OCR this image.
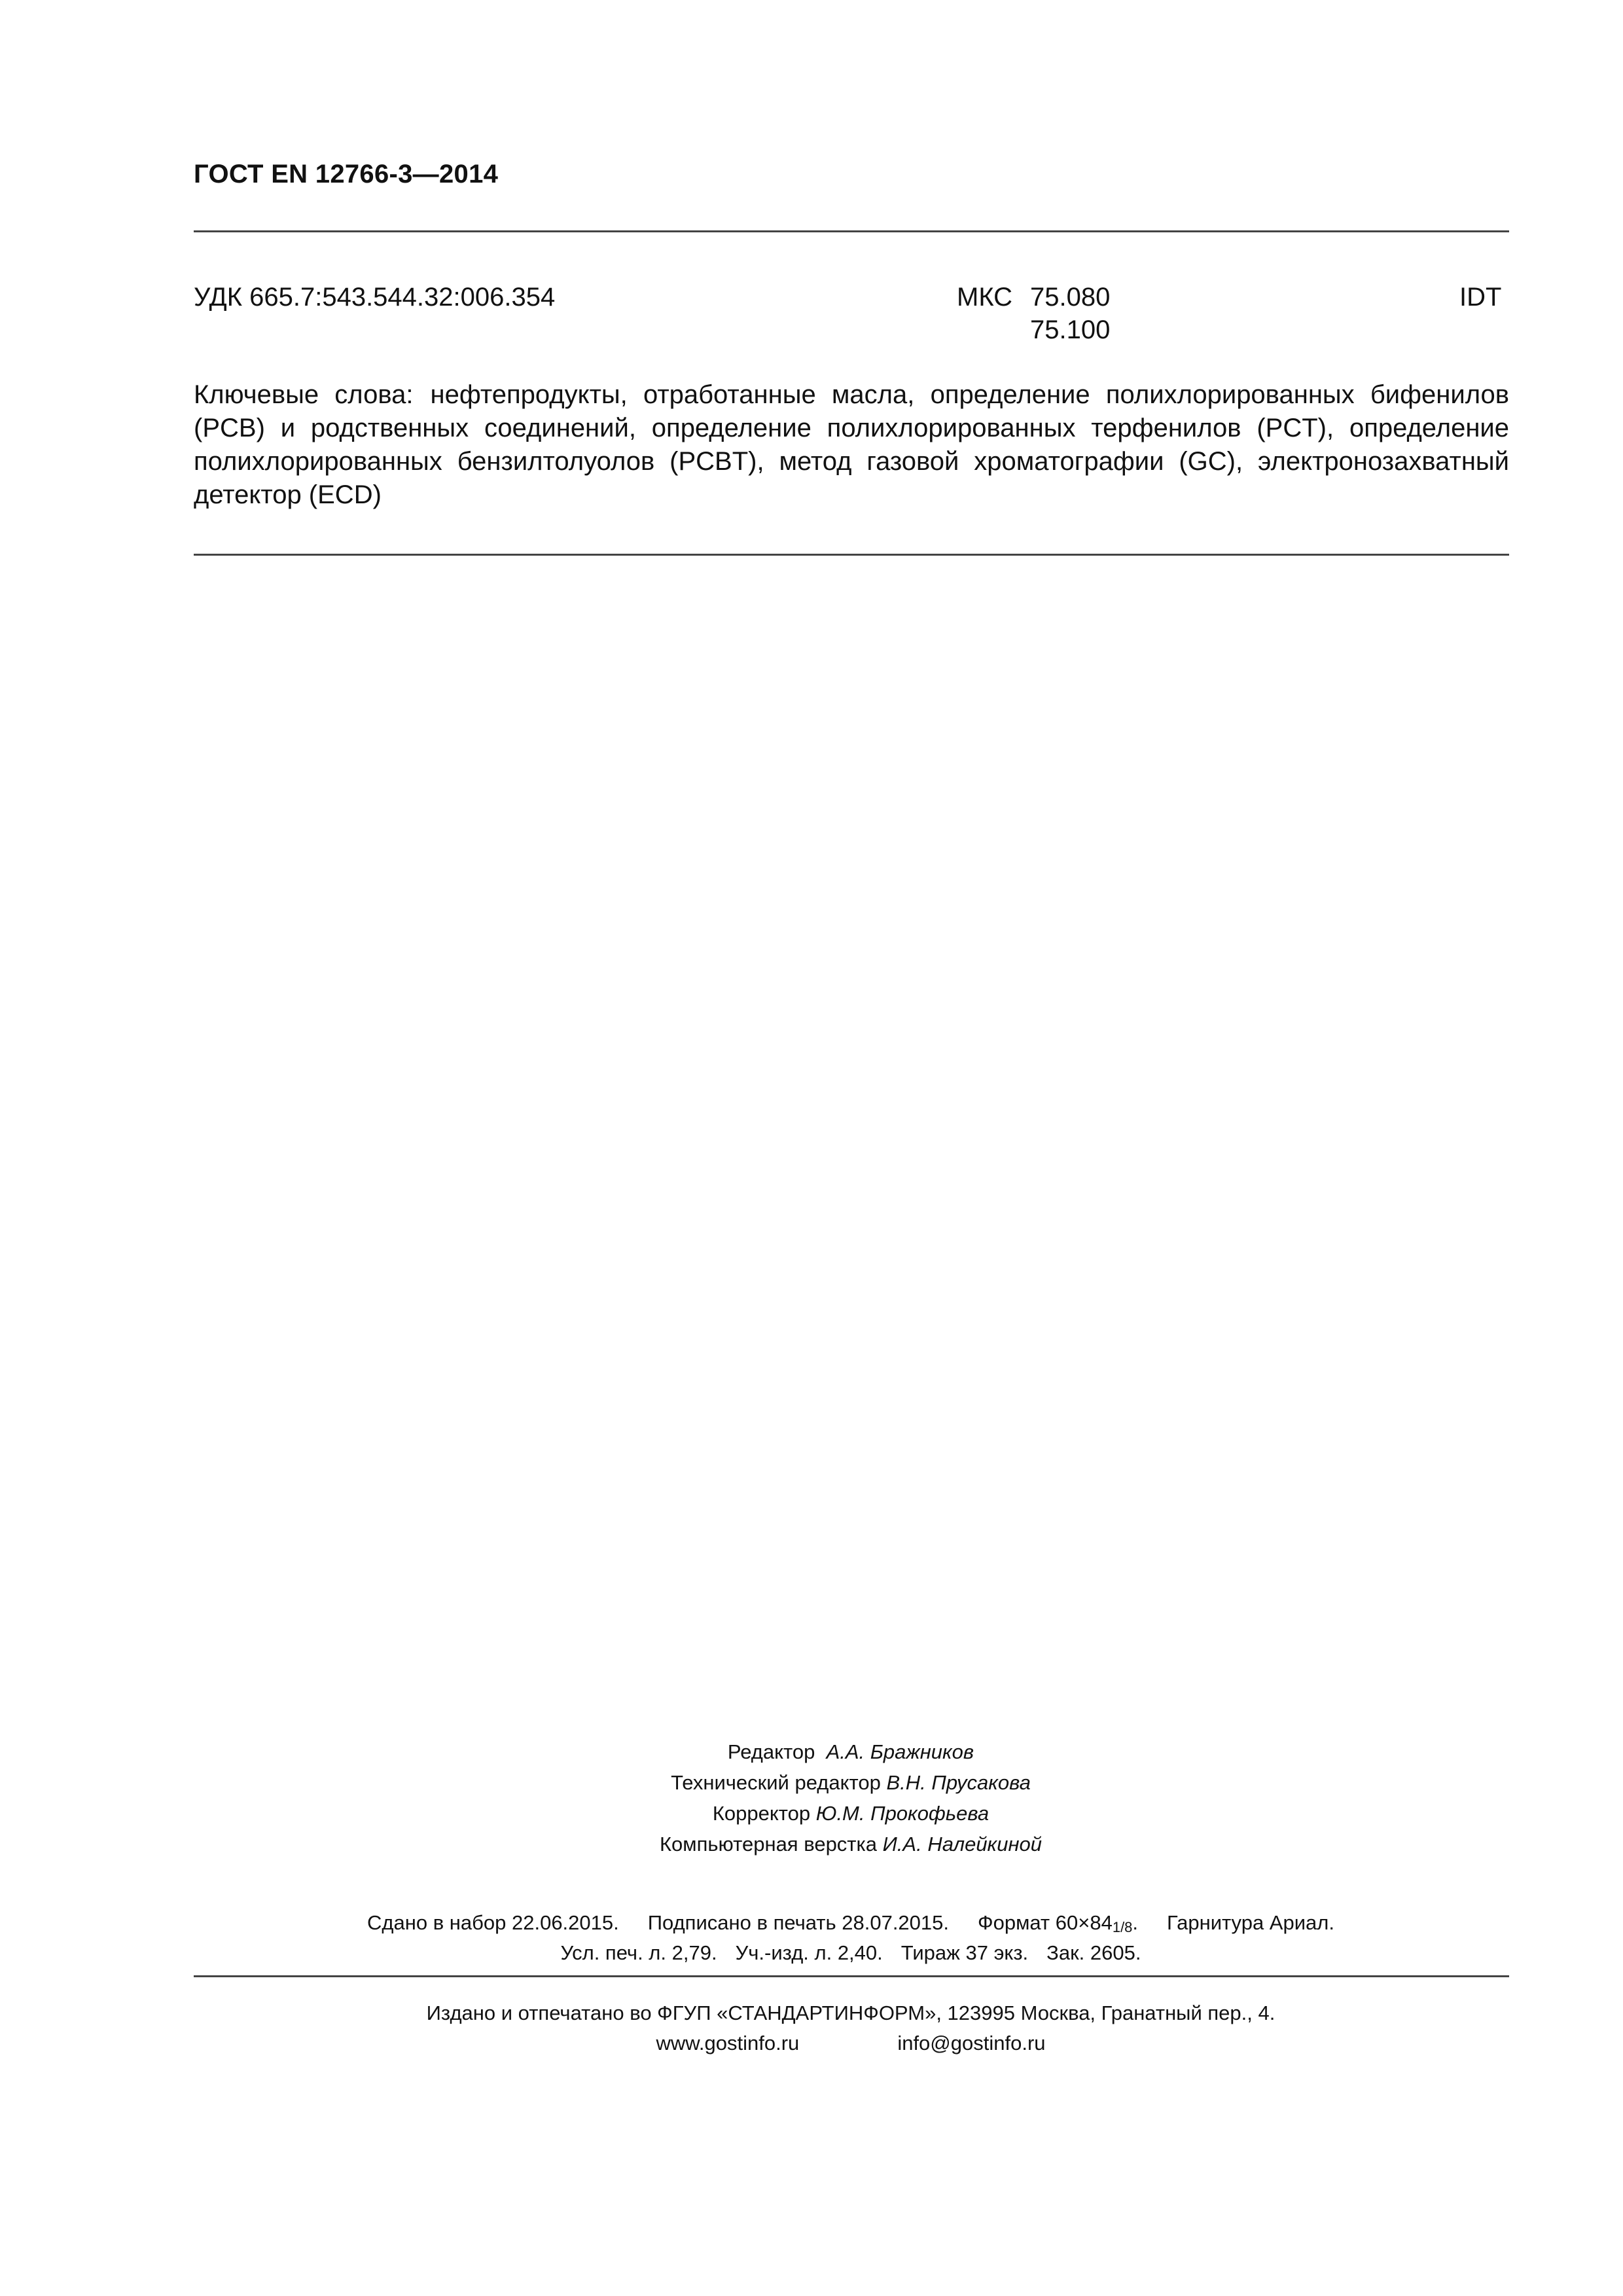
ГОСТ EN 12766-3—2014
УДК 665.7:543.544.32:006.354	МКС 75.080
75.100
IDT
Ключевые слова: нефтепродукты, отработанные масла, определение полихлорированных бифенилов (PCB) и родственных соединений, определение полихлорированных терфенилов (PCT), определение полихлорированных бензилтолуолов (PCBT), метод газовой хроматографии (GC), электронозахватный детектор (ECD)
Редактор А.А. Бражников
Технический редактор В.Н. Прусакова
Корректор Ю.М. Прокофьева
Компьютерная верстка И.А. Налейкиной
Сдано в набор 22.06.2015. Подписано в печать 28.07.2015. Формат 60×841/8. Гарнитура Ариал.
Усл. печ. л. 2,79. Уч.-изд. л. 2,40. Тираж 37 экз. Зак. 2605.
Издано и отпечатано во ФГУП «СТАНДАРТИНФОРМ», 123995 Москва, Гранатный пер., 4.
www.gostinfo.ru	info@gostinfo.ru
